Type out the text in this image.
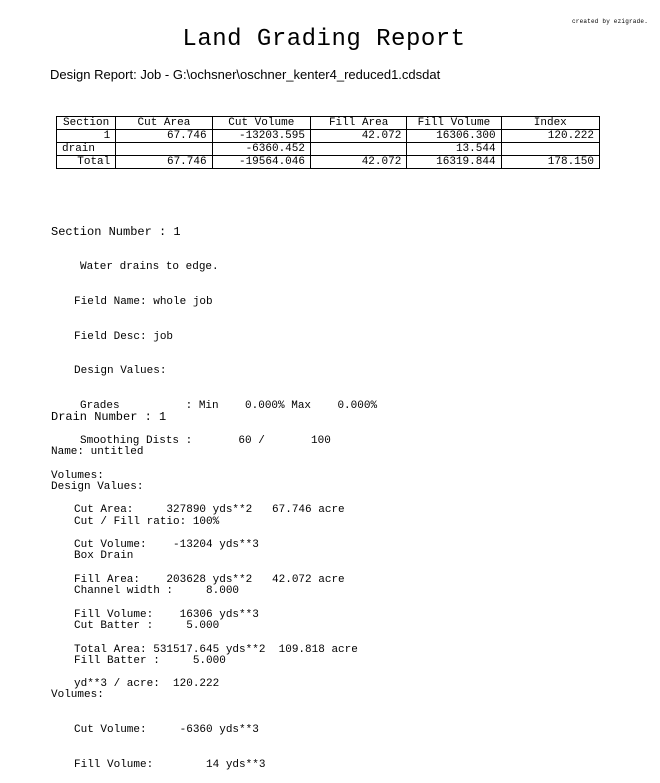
created by ezigrade.
Land Grading Report
Design Report: Job - G:\ochsner\oschner_kenter4_reduced1.cdsdat
Section	Cut Area	Cut Volume	Fill Area	Fill Volume	Index
1	67.746	-13203.595	42.072	16306.300	120.222
drain		-6360.452		13.544	
Total	67.746	-19564.046	42.072	16319.844	178.150

Section Number : 1

Water drains to edge.

Field Name: whole job

Field Desc: job

Design Values:

Grades          : Min    0.000% Max    0.000%

Smoothing Dists :       60 /       100

Volumes:

Cut Area:     327890 yds**2   67.746 acre

Cut Volume:    -13204 yds**3

Fill Area:    203628 yds**2   42.072 acre

Fill Volume:    16306 yds**3

Total Area: 531517.645 yds**2  109.818 acre

yd**3 / acre:  120.222

Drain Number : 1

Name: untitled

Design Values:

Cut / Fill ratio: 100%

Box Drain

Channel width :     8.000

Cut Batter :     5.000

Fill Batter :     5.000

Volumes:

Cut Volume:     -6360 yds**3

Fill Volume:        14 yds**3
